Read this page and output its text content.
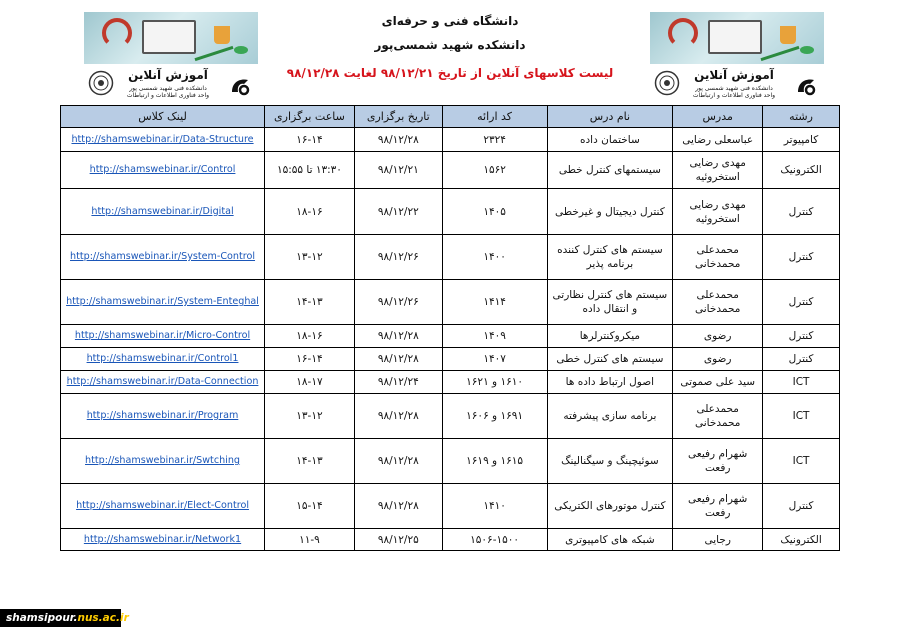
آموزش آنلاین
دانشکده فنی شهید شمسی پور
واحد فناوری اطلاعات و ارتباطات
آموزش آنلاین
دانشکده فنی شهید شمسی پور
واحد فناوری اطلاعات و ارتباطات
دانشگاه فنی و حرفه‌ای
دانشکده شهید شمسی‌پور
لیست کلاسهای آنلاین از تاریخ ۹۸/۱۲/۲۱ لغایت ۹۸/۱۲/۲۸
رشته	مدرس	نام درس	کد ارائه	تاریخ برگزاری	ساعت برگزاری	لینک کلاس
کامپیوتر	عباسعلی رضایی	ساختمان داده	۲۳۲۴	۹۸/۱۲/۲۸	۱۶-۱۴	http://shamswebinar.ir/Data-Structure
الکترونیک	مهدی رضایی استخروئیه	سیستمهای کنترل خطی	۱۵۶۲	۹۸/۱۲/۲۱	۱۳:۳۰ تا ۱۵:۵۵	http://shamswebinar.ir/Control
کنترل	مهدی رضایی استخروئیه	کنترل دیجیتال و غیرخطی	۱۴۰۵	۹۸/۱۲/۲۲	۱۸-۱۶	http://shamswebinar.ir/Digital
کنترل	محمدعلی محمدخانی	سیستم های کنترل کننده برنامه پذیر	۱۴۰۰	۹۸/۱۲/۲۶	۱۳-۱۲	http://shamswebinar.ir/System-Control
کنترل	محمدعلی محمدخانی	سیستم های کنترل نظارتی و انتقال داده	۱۴۱۴	۹۸/۱۲/۲۶	۱۴-۱۳	http://shamswebinar.ir/System-Enteghal
کنترل	رضوی	میکروکنترلرها	۱۴۰۹	۹۸/۱۲/۲۸	۱۸-۱۶	http://shamswebinar.ir/Micro-Control
کنترل	رضوی	سیستم های کنترل خطی	۱۴۰۷	۹۸/۱۲/۲۸	۱۶-۱۴	http://shamswebinar.ir/Control1
ICT	سید علی صموتی	اصول ارتباط داده ها	۱۶۱۰ و ۱۶۲۱	۹۸/۱۲/۲۴	۱۸-۱۷	http://shamswebinar.ir/Data-Connection
ICT	محمدعلی محمدخانی	برنامه سازی پیشرفته	۱۶۹۱ و ۱۶۰۶	۹۸/۱۲/۲۸	۱۳-۱۲	http://shamswebinar.ir/Program
ICT	شهرام رفیعی رفعت	سوئیچینگ و سیگنالینگ	۱۶۱۵ و ۱۶۱۹	۹۸/۱۲/۲۸	۱۴-۱۳	http://shamswebinar.ir/Swtching
کنترل	شهرام رفیعی رفعت	کنترل موتورهای الکتریکی	۱۴۱۰	۹۸/۱۲/۲۸	۱۵-۱۴	http://shamswebinar.ir/Elect-Control
الکترونیک	رجایی	شبکه های کامپیوتری	۱۵۰۶-۱۵۰۰	۹۸/۱۲/۲۵	۱۱-۹	http://shamswebinar.ir/Network1
shamsipour.nus.ac.ir
